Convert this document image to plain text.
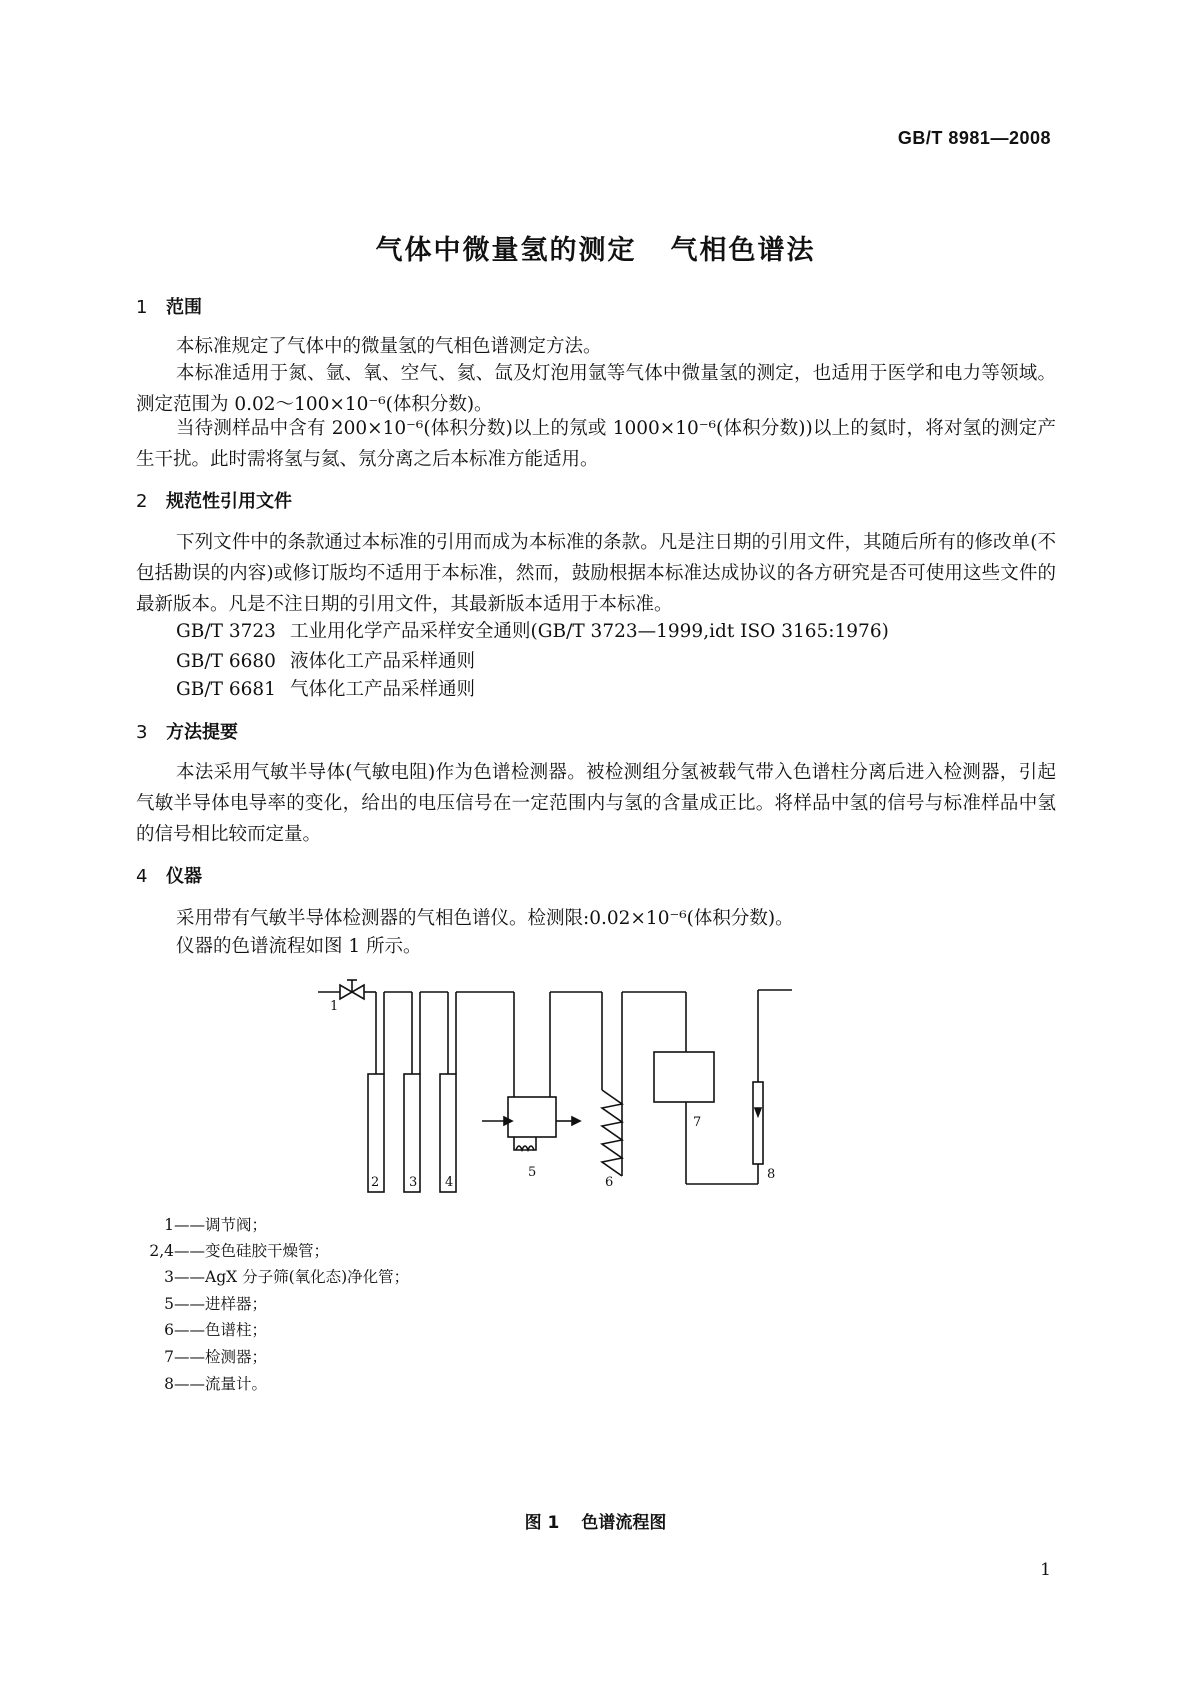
GB/T 8981—2008
气体中微量氢的测定 气相色谱法
1 范围
本标准规定了气体中的微量氢的气相色谱测定方法。
本标准适用于氮、氩、氧、空气、氦、氙及灯泡用氩等气体中微量氢的测定，也适用于医学和电力等领域。测定范围为 0.02～100×10⁻⁶(体积分数)。
当待测样品中含有 200×10⁻⁶(体积分数)以上的氖或 1000×10⁻⁶(体积分数))以上的氦时，将对氢的测定产生干扰。此时需将氢与氦、氖分离之后本标准方能适用。
2 规范性引用文件
下列文件中的条款通过本标准的引用而成为本标准的条款。凡是注日期的引用文件，其随后所有的修改单(不包括勘误的内容)或修订版均不适用于本标准，然而，鼓励根据本标准达成协议的各方研究是否可使用这些文件的最新版本。凡是不注日期的引用文件，其最新版本适用于本标准。
GB/T 3723 工业用化学产品采样安全通则(GB/T 3723—1999,idt ISO 3165:1976)
GB/T 6680 液体化工产品采样通则
GB/T 6681 气体化工产品采样通则
3 方法提要
本法采用气敏半导体(气敏电阻)作为色谱检测器。被检测组分氢被载气带入色谱柱分离后进入检测器，引起气敏半导体电导率的变化，给出的电压信号在一定范围内与氢的含量成正比。将样品中氢的信号与标准样品中氢的信号相比较而定量。
4 仪器
采用带有气敏半导体检测器的气相色谱仪。检测限:0.02×10⁻⁶(体积分数)。
仪器的色谱流程如图 1 所示。
1
2 3 4
5
6
7
8
1——调节阀；
2,4——变色硅胶干燥管；
3——AgX 分子筛(氧化态)净化管；
5——进样器；
6——色谱柱；
7——检测器；
8——流量计。
图 1 色谱流程图
1
